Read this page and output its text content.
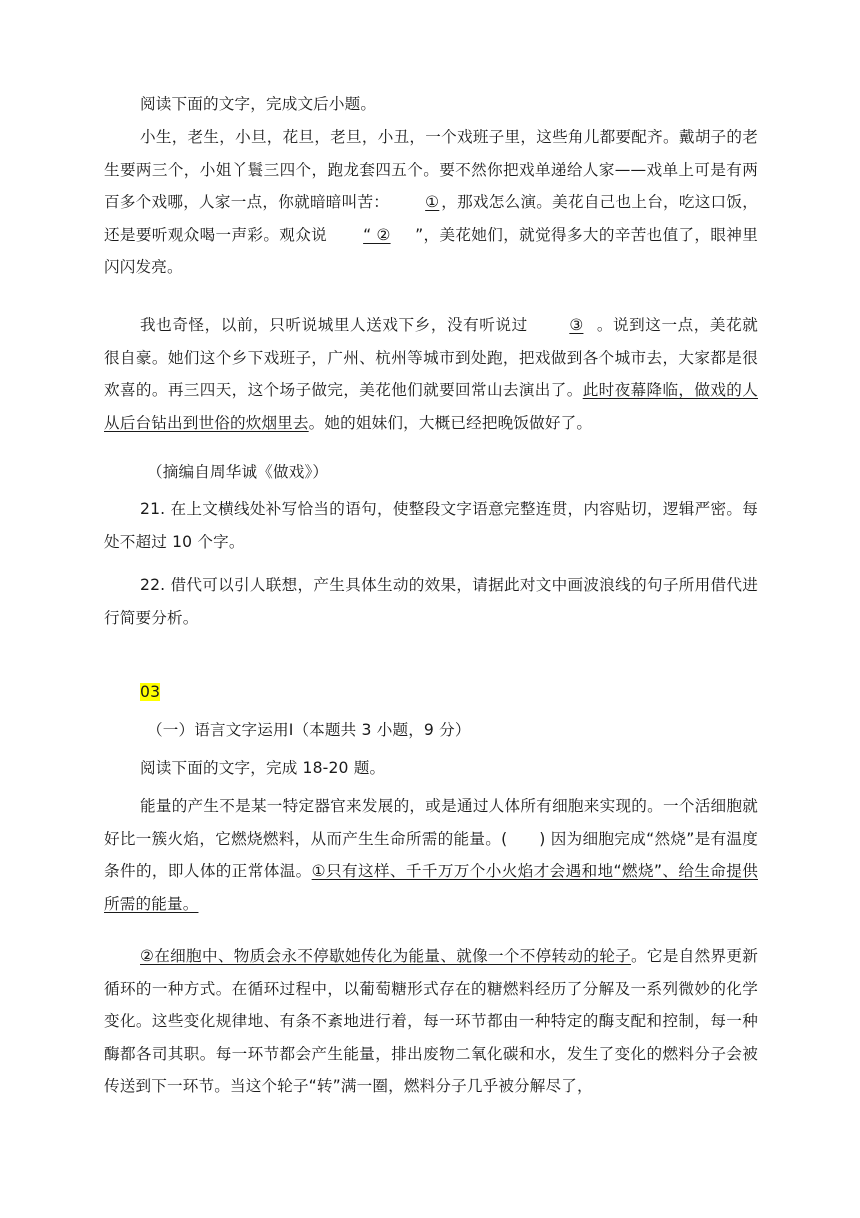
阅读下面的文字，完成文后小题。
小生，老生，小旦，花旦，老旦，小丑，一个戏班子里，这些角儿都要配齐。戴胡子的老生要两三个，小姐丫鬟三四个，跑龙套四五个。要不然你把戏单递给人家——戏单上可是有两百多个戏哪，人家一点，你就暗暗叫苦： ① ，那戏怎么演。美花自己也上台，吃这口饭，还是要听观众喝一声彩。观众说 “ ② ”，美花她们，就觉得多大的辛苦也值了，眼神里闪闪发亮。
我也奇怪，以前，只听说城里人送戏下乡，没有听说过 ③ 。说到这一点，美花就很自豪。她们这个乡下戏班子，广州、杭州等城市到处跑，把戏做到各个城市去，大家都是很欢喜的。再三四天，这个场子做完，美花他们就要回常山去演出了。此时夜幕降临，做戏的人从后台钻出到世俗的炊烟里去。她的姐妹们，大概已经把晚饭做好了。
（摘编自周华诚《做戏》）
21. 在上文横线处补写恰当的语句，使整段文字语意完整连贯，内容贴切，逻辑严密。每处不超过 10 个字。
22. 借代可以引人联想，产生具体生动的效果，请据此对文中画波浪线的句子所用借代进行简要分析。
03
（一）语言文字运用Ⅰ（本题共 3 小题，9 分）
阅读下面的文字，完成 18-20 题。
能量的产生不是某一特定器官来发展的，或是通过人体所有细胞来实现的。一个活细胞就好比一簇火焰，它燃烧燃料，从而产生生命所需的能量。(　　) 因为细胞完成“然烧”是有温度条件的，即人体的正常体温。①只有这样、千千万万个小火焰才会遇和地“燃烧”、给生命提供所需的能量。
②在细胞中、物质会永不停歇她传化为能量、就像一个不停转动的轮子。它是自然界更新循环的一种方式。在循环过程中，以葡萄糖形式存在的糖燃料经历了分解及一系列微妙的化学变化。这些变化规律地、有条不紊地进行着，每一环节都由一种特定的酶支配和控制，每一种酶都各司其职。每一环节都会产生能量，排出废物二氧化碳和水，发生了变化的燃料分子会被传送到下一环节。当这个轮子“转”满一圈，燃料分子几乎被分解尽了，
